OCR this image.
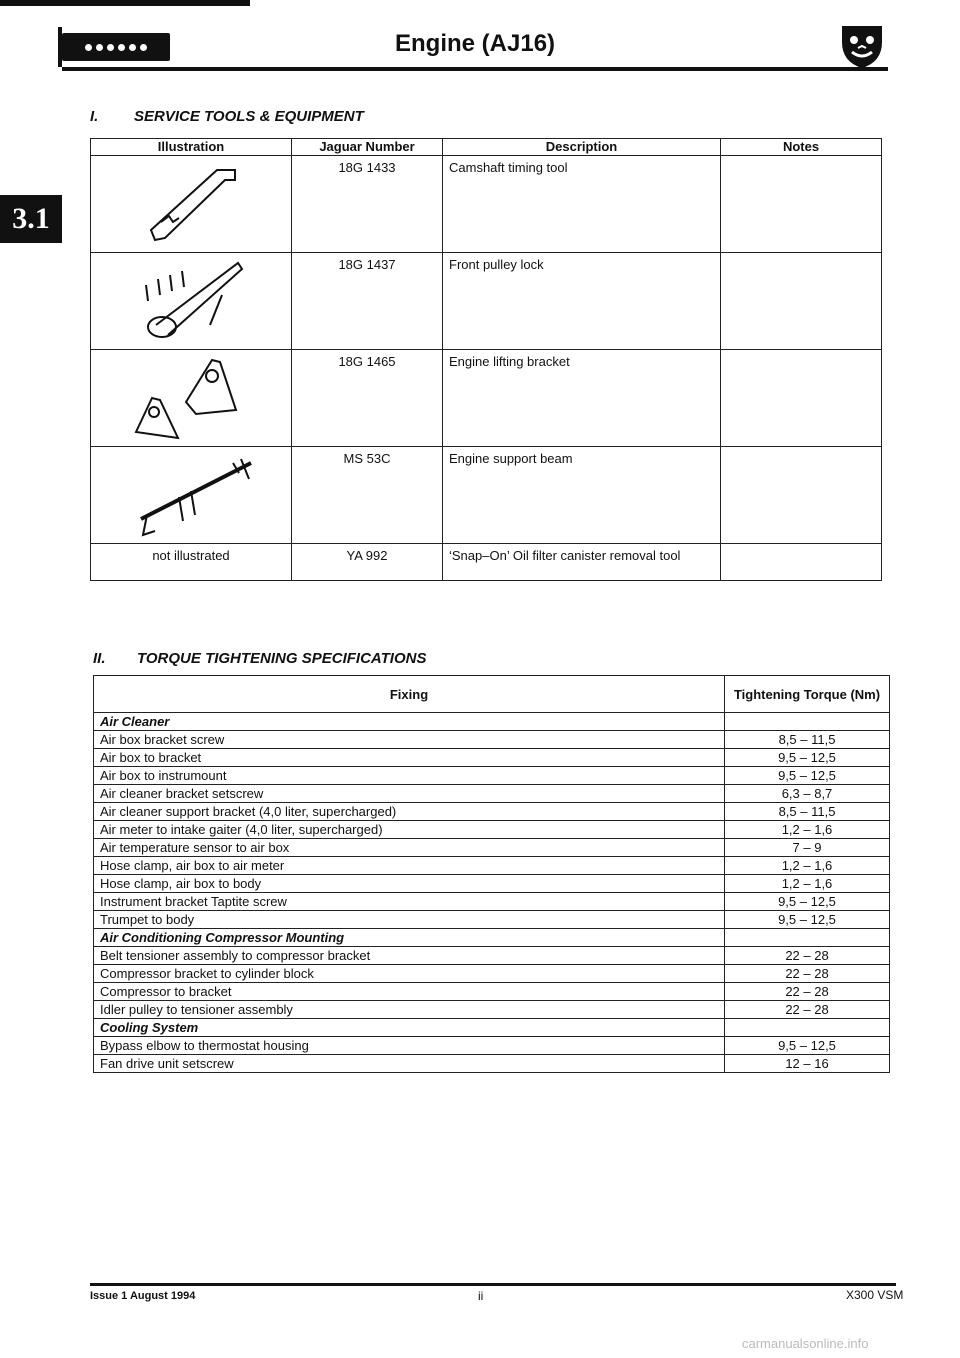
Engine (AJ16)
3.1
I. SERVICE TOOLS & EQUIPMENT
Illustration	Jaguar Number	Description	Notes

	18G 1433	Camshaft timing tool	

	18G 1437	Front pulley lock	

	18G 1465	Engine lifting bracket	

	MS 53C	Engine support beam	
not illustrated	YA 992	‘Snap–On’ Oil filter canister removal tool	
II. TORQUE TIGHTENING SPECIFICATIONS
Fixing	Tightening Torque (Nm)
Air Cleaner	
Air box bracket screw	8,5 – 11,5
Air box to bracket	9,5 – 12,5
Air box to instrumount	9,5 – 12,5
Air cleaner bracket setscrew	6,3 – 8,7
Air cleaner support bracket (4,0 liter, supercharged)	8,5 – 11,5
Air meter to intake gaiter (4,0 liter, supercharged)	1,2 – 1,6
Air temperature sensor to air box	7 – 9
Hose clamp, air box to air meter	1,2 – 1,6
Hose clamp, air box to body	1,2 – 1,6
Instrument bracket Taptite screw	9,5 – 12,5
Trumpet to body	9,5 – 12,5
Air Conditioning Compressor Mounting	
Belt tensioner assembly to compressor bracket	22 – 28
Compressor bracket to cylinder block	22 – 28
Compressor to bracket	22 – 28
Idler pulley to tensioner assembly	22 – 28
Cooling System	
Bypass elbow to thermostat housing	9,5 – 12,5
Fan drive unit setscrew	12 – 16
Issue 1 August 1994	ii	X300 VSM
carmanualsonline.info
